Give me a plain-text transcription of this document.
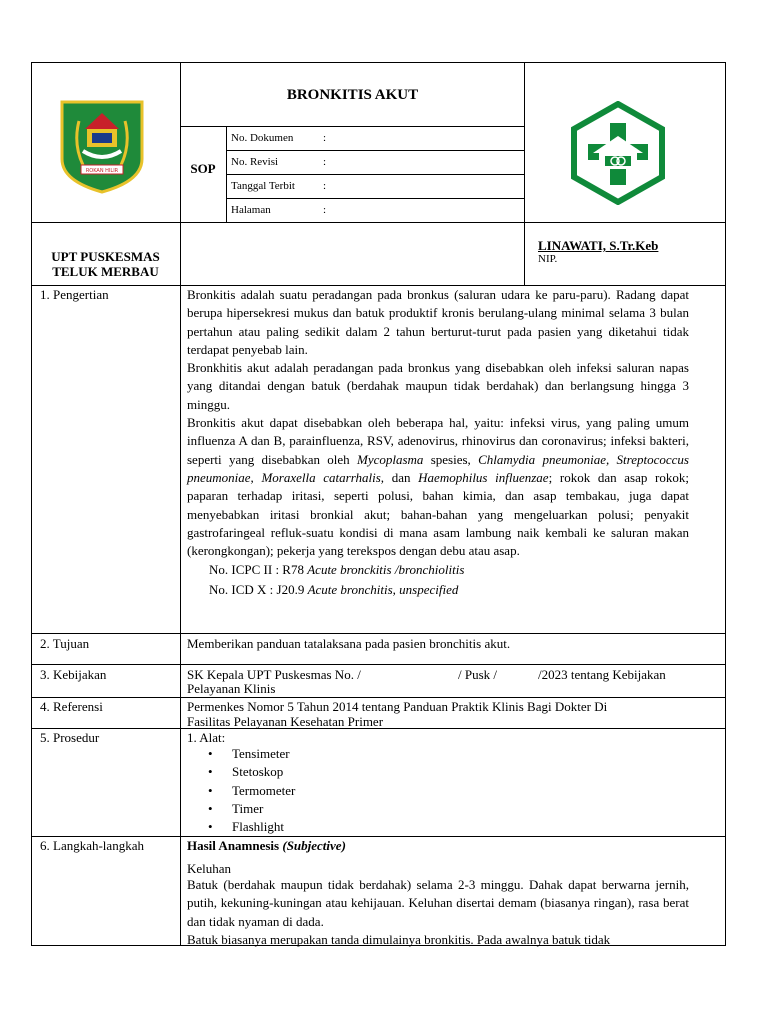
ROKAN HILIR
BRONKITIS AKUT
SOP
No. Dokumen	:
No. Revisi	:
Tanggal Terbit	:
Halaman	:
UPT PUSKESMAS
TELUK MERBAU
LINAWATI, S.Tr.Keb
NIP.
1. Pengertian	Bronkitis adalah suatu peradangan pada bronkus (saluran udara ke paru-paru). Radang dapat berupa hipersekresi mukus dan batuk produktif kronis berulang-ulang minimal selama 3 bulan pertahun atau paling sedikit dalam 2 tahun berturut-turut pada pasien yang diketahui tidak terdapat penyebab lain.

Bronkhitis akut adalah peradangan pada bronkus yang disebabkan oleh infeksi saluran napas yang ditandai dengan batuk (berdahak maupun tidak berdahak) dan berlangsung hingga 3 minggu.

Bronkitis akut dapat disebabkan oleh beberapa hal, yaitu: infeksi virus, yang paling umum influenza A dan B, parainfluenza, RSV, adenovirus, rhinovirus dan coronavirus; infeksi bakteri, seperti yang disebabkan oleh Mycoplasma spesies, Chlamydia pneumoniae, Streptococcus pneumoniae, Moraxella catarrhalis, dan Haemophilus influenzae; rokok dan asap rokok; paparan terhadap iritasi, seperti polusi, bahan kimia, dan asap tembakau, juga dapat menyebabkan iritasi bronkial akut; bahan-bahan yang mengeluarkan polusi; penyakit gastrofaringeal refluk-suatu kondisi di mana asam lambung naik kembali ke saluran makan (kerongkongan); pekerja yang terekspos dengan debu atau asap.

No. ICPC II : R78 Acute bronckitis /bronchiolitis

No. ICD X : J20.9 Acute bronchitis, unspecified

2. Tujuan	Memberikan panduan tatalaksana pada pasien bronchitis akut.
3. Kebijakan	SK Kepala UPT Puskesmas No. /	/ Pusk /	/2023 tentang Kebijakan
Pelayanan Klinis
4. Referensi	Permenkes Nomor 5 Tahun 2014 tentang Panduan Praktik Klinis Bagi Dokter Di
Fasilitas Pelayanan Kesehatan Primer
5. Prosedur	1. Alat:
• Tensimeter
• Stetoskop
• Termometer
• Timer
• Flashlight
6. Langkah-langkah	Hasil Anamnesis (Subjective)
Keluhan

Batuk (berdahak maupun tidak berdahak) selama 2-3 minggu. Dahak dapat berwarna jernih, putih, kekuning-kuningan atau kehijauan. Keluhan disertai demam (biasanya ringan), rasa berat dan tidak nyaman di dada.

Batuk biasanya merupakan tanda dimulainya bronkitis. Pada awalnya batuk tidak
